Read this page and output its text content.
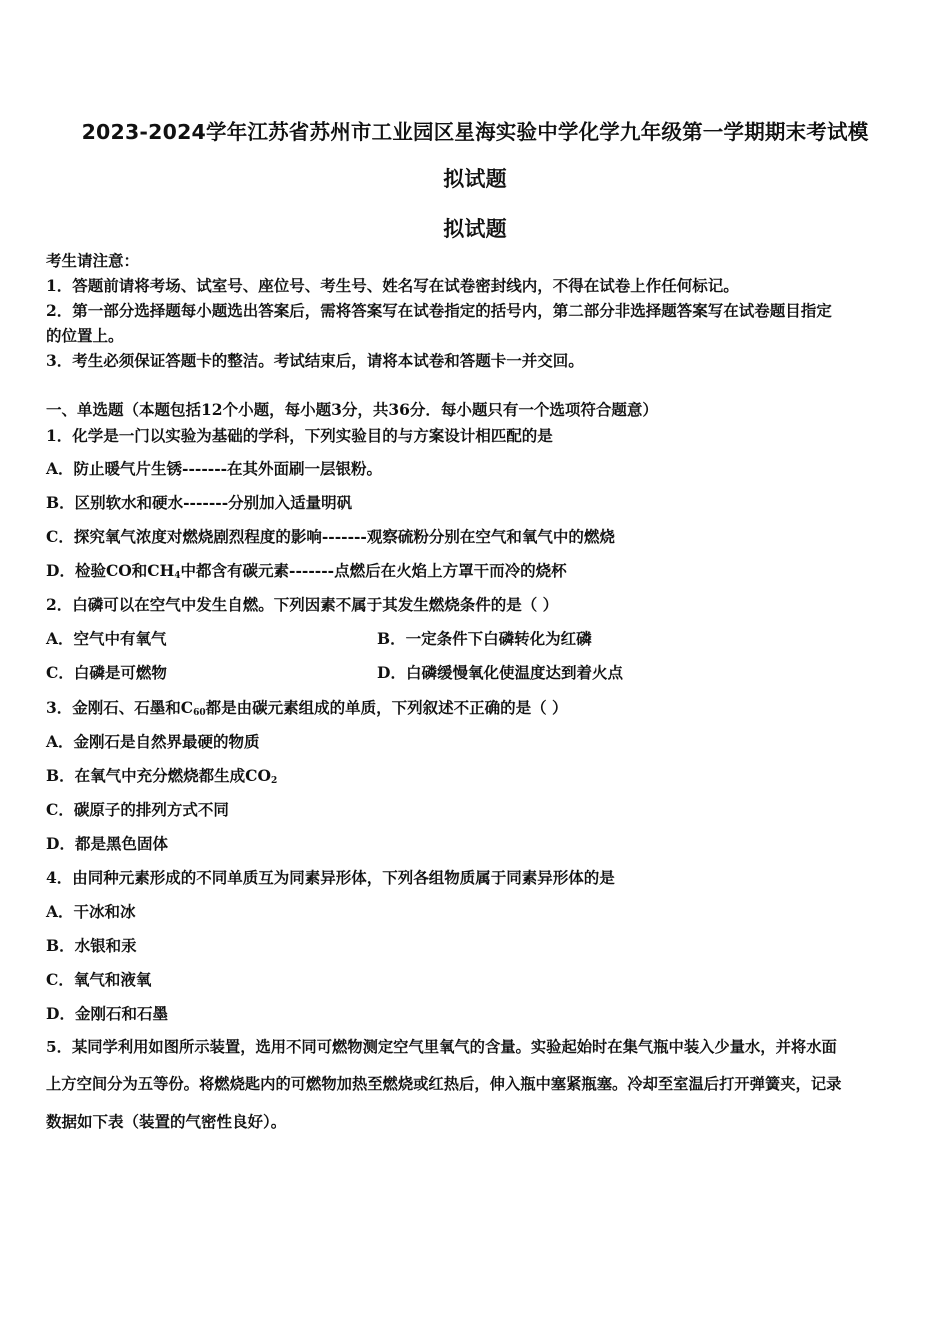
2023-2024学年江苏省苏州市工业园区星海实验中学化学九年级第一学期期末考试模
拟试题
拟试题
考生请注意：
1．答题前请将考场、试室号、座位号、考生号、姓名写在试卷密封线内，不得在试卷上作任何标记。
2．第一部分选择题每小题选出答案后，需将答案写在试卷指定的括号内，第二部分非选择题答案写在试卷题目指定
的位置上。
3．考生必须保证答题卡的整洁。考试结束后，请将本试卷和答题卡一并交回。
一、单选题（本题包括12个小题，每小题3分，共36分．每小题只有一个选项符合题意）
1．化学是一门以实验为基础的学科，下列实验目的与方案设计相匹配的是
A．防止暖气片生锈-------在其外面刷一层银粉。
B．区别软水和硬水-------分别加入适量明矾
C．探究氧气浓度对燃烧剧烈程度的影响-------观察硫粉分别在空气和氧气中的燃烧
D．检验CO和$CH_4$中都含有碳元素-------点燃后在火焰上方罩干而冷的烧杯
2．白磷可以在空气中发生自燃。下列因素不属于其发生燃烧条件的是（ ）
A．空气中有氧气	B．一定条件下白磷转化为红磷
C．白磷是可燃物	D．白磷缓慢氧化使温度达到着火点
3．金刚石、石墨和$C_{60}$都是由碳元素组成的单质，下列叙述不正确的是（ ）
A．金刚石是自然界最硬的物质
B．在氧气中充分燃烧都生成$CO_2$
C．碳原子的排列方式不同
D．都是黑色固体
4．由同种元素形成的不同单质互为同素异形体，下列各组物质属于同素异形体的是
A．干冰和冰
B．水银和汞
C．氧气和液氧
D．金刚石和石墨
5．某同学利用如图所示装置，选用不同可燃物测定空气里氧气的含量。实验起始时在集气瓶中装入少量水，并将水面
上方空间分为五等份。将燃烧匙内的可燃物加热至燃烧或红热后，伸入瓶中塞紧瓶塞。冷却至室温后打开弹簧夹，记录
数据如下表（装置的气密性良好）。
